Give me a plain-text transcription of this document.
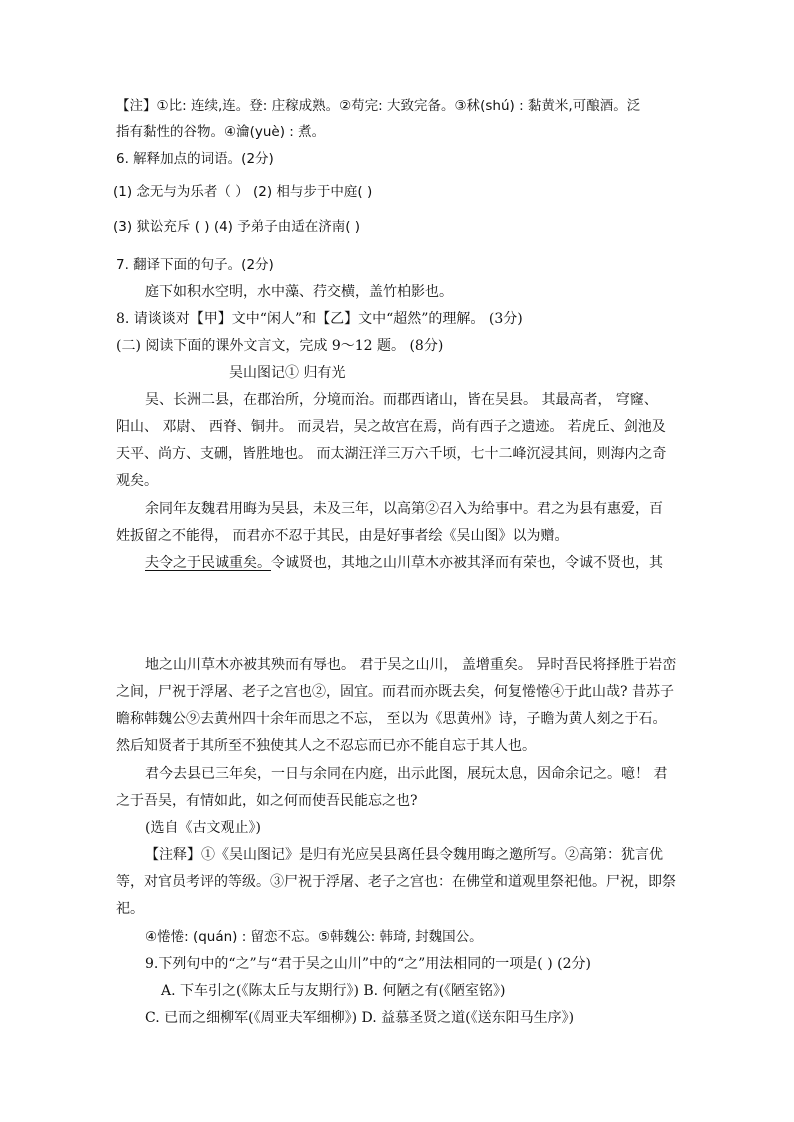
【注】①比: 连续,连。登: 庄稼成熟。②苟完: 大致完备。③秫(shú) : 黏黄米,可酿酒。泛
指有黏性的谷物。④瀹(yuè) : 煮。
6. 解释加点的词语。(2分)
(1) 念无与为乐者（ ） (2) 相与步于中庭( )
(3) 狱讼充斥 ( ) (4) 予弟子由适在济南( )
7. 翻译下面的句子。(2分)
庭下如积水空明，水中藻、荇交横，盖竹柏影也。
8. 请谈谈对【甲】文中“闲人”和【乙】文中“超然”的理解。 (3分)
(二) 阅读下面的课外文言文，完成 9～12 题。 (8分)
吴山图记① 归有光
吴、长洲二县，在郡治所，分境而治。而郡西诸山，皆在吴县。 其最高者， 穹窿、
阳山、 邓尉、 西脊、铜井。 而灵岩，吴之故宫在焉，尚有西子之遗迹。 若虎丘、剑池及
天平、尚方、支硎，皆胜地也。 而太湖汪洋三万六千顷，七十二峰沉浸其间，则海内之奇
观矣。
余同年友魏君用晦为吴县，未及三年，以高第②召入为给事中。君之为县有惠爱，百
姓扳留之不能得， 而君亦不忍于其民，由是好事者绘《吴山图》以为赠。
夫令之于民诚重矣。令诚贤也，其地之山川草木亦被其泽而有荣也，令诚不贤也，其
地之山川草木亦被其殃而有辱也。 君于吴之山川， 盖增重矣。 异时吾民将择胜于岩峦
之间，尸祝于浮屠、老子之宫也②，固宜。而君而亦既去矣，何复惓惓④于此山哉? 昔苏子
瞻称韩魏公⑨去黄州四十余年而思之不忘， 至以为《思黄州》诗，子瞻为黄人刻之于石。
然后知贤者于其所至不独使其人之不忍忘而已亦不能自忘于其人也。
君今去县已三年矣，一日与余同在内庭，出示此图，展玩太息，因命余记之。噫！ 君
之于吾吴，有情如此，如之何而使吾民能忘之也?
(选自《古文观止》)
【注释】①《吴山图记》是归有光应吴县离任县令魏用晦之邀所写。②高第：犹言优
等，对官员考评的等级。③尸祝于浮屠、老子之宫也：在佛堂和道观里祭祀他。尸祝，即祭
祀。
④惓惓: (quán) : 留恋不忘。⑤韩魏公: 韩琦, 封魏国公。
9.下列句中的“之”与“君于吴之山川”中的“之”用法相同的一项是( ) (2分)
A. 下车引之(《陈太丘与友期行》) B. 何陋之有(《陋室铭》)
C. 已而之细柳军(《周亚夫军细柳》) D. 益慕圣贤之道(《送东阳马生序》)
